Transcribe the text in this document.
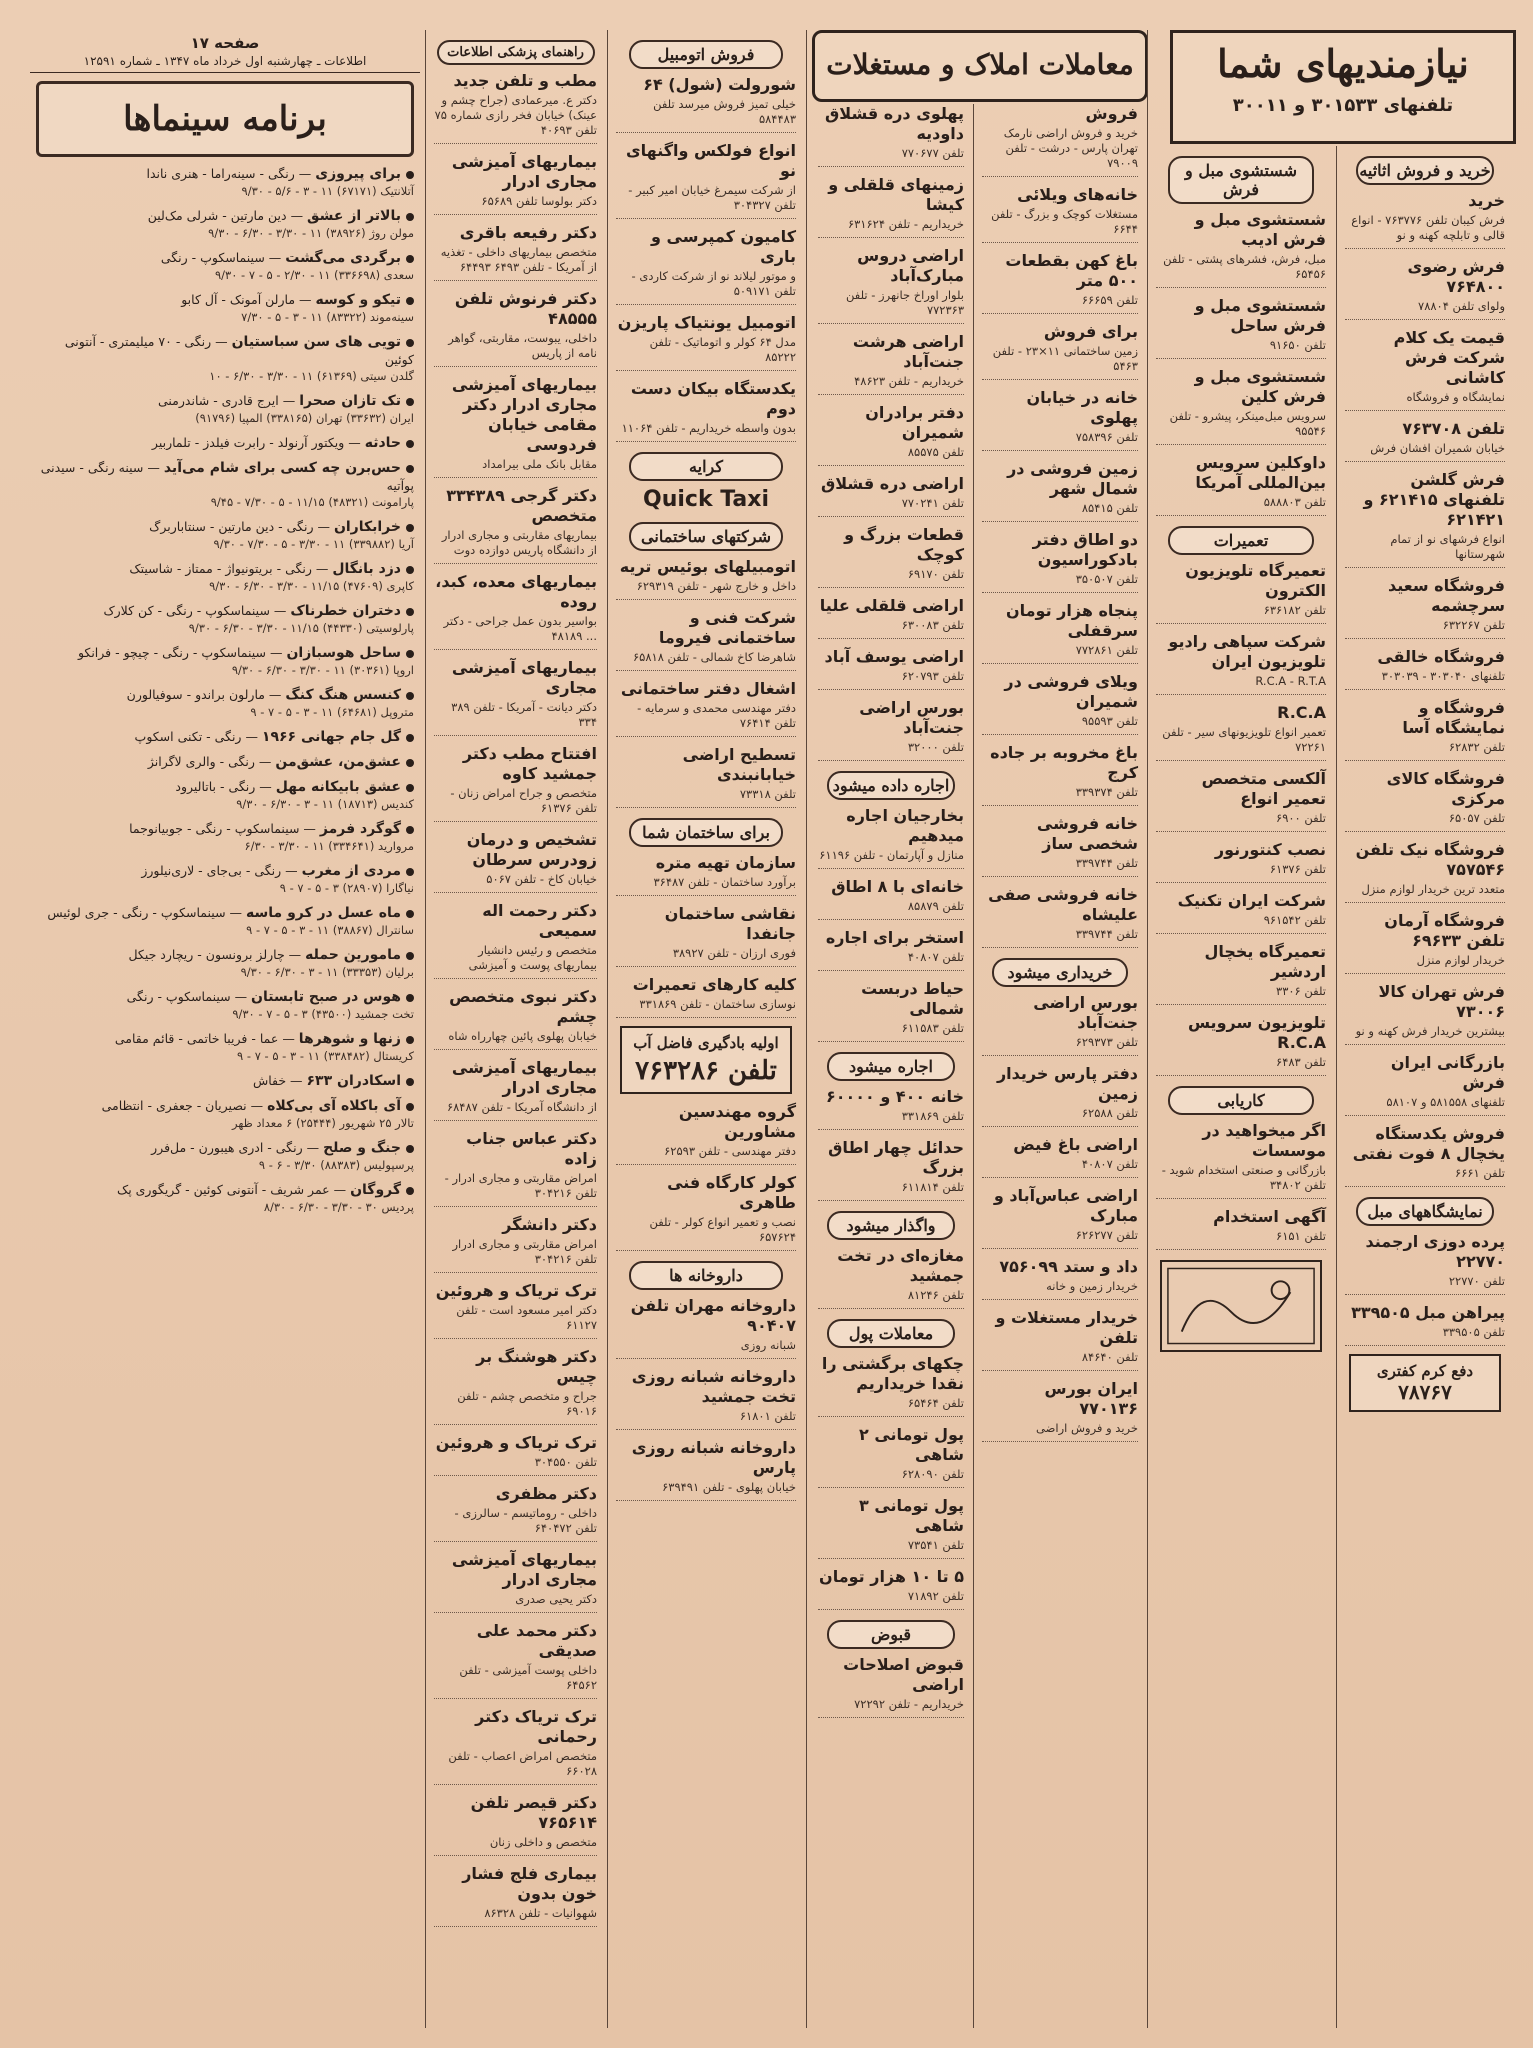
صفحه ۱۷
اطلاعات ـ چهارشنبه اول خرداد ماه ۱۳۴۷ ـ شماره ۱۲۵۹۱
برنامه سینماها
برای پیروزی — رنگی - سینه‌راما - هنری ناندا
آتلانتیک (۶۷۱۷۱) ۱۱ - ۳ - ۵/۶ - ۹/۳۰
بالاتر از عشق — دین مارتین - شرلی مک‌لین
مولن روژ (۳۸۹۲۶) ۱۱ - ۳/۳۰ - ۶/۳۰ - ۹/۳۰
برگردی می‌گشت — سینماسکوپ - رنگی
سعدی (۳۳۶۶۹۸) ۱۱ - ۲/۳۰ - ۵ - ۷ - ۹/۳۰
تیکو و کوسه — مارلن آمونک - آل کابو
سینه‌موند (۸۳۳۲۲) ۱۱ - ۳ - ۵ - ۷/۳۰
تویی های سن سباستیان — رنگی - ۷۰ میلیمتری - آنتونی کوئین
گلدن سیتی (۶۱۳۶۹) ۱۱ - ۳/۳۰ - ۶/۳۰ - ۱۰
تک تازان صحرا — ایرج قادری - شاندرمنی
ایران (۳۳۶۳۲) تهران (۳۳۸۱۶۵) المپیا (۹۱۷۹۶)
حادثه — ویکتور آرنولد - رابرت فیلدز - تلماربیر
حس‌برن چه کسی برای شام می‌آید — سینه رنگی - سیدنی پوآتیه
پارامونت (۴۸۳۲۱) ۱۱/۱۵ - ۵ - ۷/۳۰ - ۹/۴۵
خرابکاران — رنگی - دین مارتین - سنتاباربرگ
آریا (۳۳۹۸۸۲) ۱۱ - ۳/۳۰ - ۵ - ۷/۳۰ - ۹/۳۰
دزد بانگال — رنگی - بریتونیواژ - ممتاز - شاسیتک
کاپری (۴۷۶۰۹) ۱۱/۱۵ - ۳/۳۰ - ۶/۳۰ - ۹/۳۰
دختران خطرناک — سینماسکوپ - رنگی - کن کلارک
پارلوسیتی (۴۴۳۳۰) ۱۱/۱۵ - ۳/۳۰ - ۶/۳۰ - ۹/۳۰
ساحل هوسبازان — سینماسکوپ - رنگی - چیچو - فرانکو
اروپا (۳۰۳۶۱) ۱۱ - ۳/۳۰ - ۶/۳۰ - ۹/۳۰
کنسس هنگ کنگ — مارلون براندو - سوفیالورن
متروپل (۶۴۶۸۱) ۱۱ - ۳ - ۵ - ۷ - ۹
گل جام جهانی ۱۹۶۶ — رنگی - تکنی اسکوپ
عشق‌من، عشق‌من — رنگی - والری لاگرانژ
عشق بابیکانه مهل — رنگی - باتالیرود
کندیس (۱۸۷۱۳) ۱۱ - ۳ - ۶/۳۰ - ۹/۳۰
گوگرد فرمز — سینماسکوپ - رنگی - جوبیانوجما
مروارید (۳۳۴۶۴۱) ۱۱ - ۳/۳۰ - ۶/۳۰
مردی از مغرب — رنگی - بی‌جای - لاری‌نیلورز
نیاگارا (۲۸۹۰۷) ۳ - ۵ - ۷ - ۹
ماه عسل در کرو ماسه — سینماسکوپ - رنگی - جری لوئیس
سانترال (۳۸۸۶۷) ۱۱ - ۳ - ۵ - ۷ - ۹
مامورین حمله — چارلز برونسون - ریچارد جیکل
برلیان (۳۳۳۵۳) ۱۱ - ۳ - ۶/۳۰ - ۹/۳۰
هوس در صبح تابستان — سینماسکوپ - رنگی
تخت جمشید (۴۳۵۰۰) ۳ - ۵ - ۷ - ۹/۳۰
زنها و شوهرها — عما - فریبا خاتمی - قائم مقامی
کریستال (۳۳۸۴۸۲) ۱۱ - ۳ - ۵ - ۷ - ۹
اسکادران ۶۳۳ — خفاش
آی باکلاه آی بی‌کلاه — نصیریان - جعفری - انتظامی
تالار ۲۵ شهریور (۲۵۴۴۴) ۶ معداد ظهر
جنگ و صلح — رنگی - ادری هیبورن - مل‌فرر
پرسپولیس (۸۸۳۸۳) ۳/۳۰ - ۶ - ۹
گروگان — عمر شریف - آنتونی کوئین - گریگوری پک
پردیس ۳۰ - ۳/۳۰ - ۶/۳۰ - ۸/۳۰
راهنمای پزشکی اطلاعات

مطب و تلفن جدید

دکتر ع. میرعمادی (جراح چشم و عینک) خیابان فخر رازی شماره ۷۵ تلفن ۴۰۶۹۳

بیماریهای آمیزشی مجاری ادرار

دکتر بولوسا تلفن ۶۵۶۸۹

دکتر رفیعه باقری

متخصص بیماریهای داخلی - تغذیه از آمریکا - تلفن ۶۴۹۳ ۶۴۴۹۳

دکتر فرنوش تلفن ۴۸۵۵۵

داخلی، یبوست، مقاربتی، گواهر نامه از پاریس

بیماریهای آمیزشی مجاری ادرار دکتر مقامی خیابان فردوسی

مقابل بانک ملی بیرامداد

دکتر گرجی ۳۳۴۳۸۹ متخصص

بیماریهای مقاربتی و مجاری ادرار از دانشگاه پاریس دوازده دوت

بیماریهای معده، کبد، روده

بواسیر بدون عمل جراحی - دکتر ... ۴۸۱۸۹

بیماریهای آمیزشی مجاری

دکتر دیانت - آمریکا - تلفن ۳۸۹ ۳۳۴

افتتاح مطب دکتر جمشید کاوه

متخصص و جراح امراض زنان - تلفن ۶۱۳۷۶

تشخیص و درمان زودرس سرطان

خیابان کاخ - تلفن ۵۰۶۷

دکتر رحمت اله سمیعی

متخصص و رئیس دانشیار بیماریهای پوست و آمیزشی

دکتر نبوی متخصص چشم

خیابان پهلوی پائین چهارراه شاه

بیماریهای آمیزشی مجاری ادرار

از دانشگاه آمریکا - تلفن ۶۸۴۸۷

دکتر عباس جناب زاده

امراض مقاربتی و مجاری ادرار - تلفن ۳۰۴۲۱۶

دکتر دانشگر

امراض مقاربتی و مجاری ادرار تلفن ۳۰۴۲۱۶

ترک تریاک و هروئین

دکتر امیر مسعود است - تلفن ۶۱۱۲۷

دکتر هوشنگ بر چیس

جراح و متخصص چشم - تلفن ۶۹۰۱۶

ترک تریاک و هروئین

تلفن ۳۰۴۵۵۰

دکتر مظفری

داخلی - روماتیسم - سالرزی - تلفن ۶۴۰۴۷۲

بیماریهای آمیزشی مجاری ادرار

دکتر یحیی صدری

دکتر محمد علی صدیقی

داخلی پوست آمیزشی - تلفن ۶۴۵۶۲

ترک تریاک دکتر رحمانی

متخصص امراض اعصاب - تلفن ۶۶۰۲۸

دکتر قیصر تلفن ۷۶۵۶۱۴

متخصص و داخلی زنان

بیماری فلج فشار خون بدون

شهوانیات - تلفن ۸۶۳۲۸

فروش اتومبیل

شورولت (شول) ۶۴

خیلی تمیز فروش میرسد تلفن ۵۸۴۴۸۳

انواع فولکس واگنهای نو

از شرکت سیمرغ خیابان امیر کبیر - تلفن ۳۰۴۳۲۷

کامیون کمپرسی و باری

و موتور لیلاند نو از شرکت کاردی - تلفن ۵۰۹۱۷۱

اتومبیل یونتیاک پاریزن

مدل ۶۴ کولر و اتوماتیک - تلفن ۸۵۲۲۲

یکدستگاه بیکان دست دوم

بدون واسطه خریداریم - تلفن ۱۱۰۶۴

کرایه
Quick Taxi
شرکتهای ساختمانی

اتومبیلهای بوئیس تریه

داخل و خارج شهر - تلفن ۶۲۹۳۱۹

شرکت فنی و ساختمانی فیروما

شاهرضا کاخ شمالی - تلفن ۶۵۸۱۸

اشغال دفتر ساختمانی

دفتر مهندسی محمدی و سرمایه - تلفن ۷۶۴۱۴

تسطیح اراضی خیابانبندی

تلفن ۷۳۳۱۸

برای ساختمان شما

سازمان تهیه متره

برآورد ساختمان - تلفن ۳۶۴۸۷

نقاشی ساختمان جانفدا

فوری ارزان - تلفن ۳۸۹۲۷

کلیه کارهای تعمیرات

نوسازی ساختمان - تلفن ۳۳۱۸۶۹

اولیه بادگیری فاضل آب
تلفن ۷۶۳۲۸۶

گروه مهندسین مشاورین

دفتر مهندسی - تلفن ۶۲۵۹۳

کولر کارگاه فنی طاهری

نصب و تعمیر انواع کولر - تلفن ۶۵۷۶۲۴

داروخانه ها

داروخانه مهران تلفن ۹۰۴۰۷

شبانه روزی

داروخانه شبانه روزی تخت جمشید

تلفن ۶۱۸۰۱

داروخانه شبانه روزی پارس

خیابان پهلوی - تلفن ۶۳۹۴۹۱

معاملات املاک و مستغلات

پهلوی دره قشلاق داودیه

تلفن ۷۷۰۶۷۷

زمینهای قلقلی و کیشا

خریداریم - تلفن ۶۳۱۶۲۴

اراضی دروس مبارک‌آباد

بلوار اوراخ جانهرز - تلفن ۷۷۲۳۶۳

اراضی هرشت جنت‌آباد

خریداریم - تلفن ۴۸۶۲۳

دفتر برادران شمیران

تلفن ۸۵۵۷۵

اراضی دره قشلاق

تلفن ۷۷۰۲۴۱

قطعات بزرگ و کوچک

تلفن ۶۹۱۷۰

اراضی قلقلی علیا

تلفن ۶۳۰۰۸۳

اراضی یوسف آباد

تلفن ۶۲۰۷۹۳

بورس اراضی جنت‌آباد

تلفن ۳۲۰۰۰

اجاره داده میشود

بخارجیان اجاره میدهیم

منازل و آپارتمان - تلفن ۶۱۱۹۶

خانه‌ای با ۸ اطاق

تلفن ۸۵۸۷۹

استخر برای اجاره

تلفن ۴۰۸۰۷

حیاط دربست شمالی

تلفن ۶۱۱۵۸۳

اجاره میشود

خانه ۴۰۰ و ۶۰۰۰۰

تلفن ۳۳۱۸۶۹

حدائل چهار اطاق بزرگ

تلفن ۶۱۱۸۱۴

واگذار میشود

مغازه‌ای در تخت جمشید

تلفن ۸۱۲۴۶

معاملات پول

چکهای برگشتی را نقدا خریداریم

تلفن ۶۵۴۶۴

پول تومانی ۲ شاهی

تلفن ۶۲۸۰۹۰

پول تومانی ۳ شاهی

تلفن ۷۳۵۴۱

۵ تا ۱۰ هزار تومان

تلفن ۷۱۸۹۲

قبوض

قبوض اصلاحات اراضی

خریداریم - تلفن ۷۲۲۹۲

فروش

خرید و فروش اراضی نارمک تهران پارس - درشت - تلفن ۷۹۰۰۹

خانه‌های ویلائی

مستغلات کوچک و بزرگ - تلفن ۶۶۴۴

باغ کهن بقطعات ۵۰۰ متر

تلفن ۶۶۶۵۹

برای فروش

زمین ساختمانی ۱۱×۲۳ - تلفن ۵۴۶۳

خانه در خیابان پهلوی

تلفن ۷۵۸۳۹۶

زمین فروشی در شمال شهر

تلفن ۸۵۴۱۵

دو اطاق دفتر بادکوراسیون

تلفن ۳۵۰۵۰۷

پنجاه هزار تومان سرقفلی

تلفن ۷۷۲۸۶۱

ویلای فروشی در شمیران

تلفن ۹۵۵۹۳

باغ مخروبه بر جاده کرج

تلفن ۳۳۹۳۷۴

خانه فروشی شخصی ساز

تلفن ۳۳۹۷۴۴

خانه فروشی صفی علیشاه

تلفن ۳۳۹۷۴۴

خریداری میشود

بورس اراضی جنت‌آباد

تلفن ۶۲۹۳۷۳

دفتر پارس خریدار زمین

تلفن ۶۲۵۸۸

اراضی باغ فیض

تلفن ۴۰۸۰۷

اراضی عباس‌آباد و مبارک

تلفن ۶۲۶۲۷۷

داد و ستد ۷۵۶۰۹۹

خریدار زمین و خانه

خریدار مستغلات و تلفن

تلفن ۸۴۶۴۰

ایران بورس ۷۷۰۱۳۶

خرید و فروش اراضی

نیازمندیهای شما
تلفنهای ۳۰۱۵۳۳ و ۳۰۰۱۱
شستشوی مبل و فرش

شستشوی مبل و فرش ادیب

مبل، فرش، فشرهای پشتی - تلفن ۶۵۴۵۶

شستشوی مبل و فرش ساحل

تلفن ۹۱۶۵۰

شستشوی مبل و فرش کلین

سرویس مبل‌مینکر، پیشرو - تلفن ۹۵۵۴۶

داوکلین سرویس بین‌المللی آمریکا

تلفن ۵۸۸۸۰۳

تعمیرات

تعمیرگاه تلویزیون الکترون

تلفن ۶۳۶۱۸۲

شرکت سپاهی رادیو تلویزیون ایران

R.C.A - R.T.A

R.C.A

تعمیر انواع تلویزیونهای سیر - تلفن ۷۲۲۶۱

آلکسی متخصص تعمیر انواع

تلفن ۶۹۰۰

نصب کنتورنور

تلفن ۶۱۳۷۶

شرکت ایران تکنیک

تلفن ۹۶۱۵۴۲

تعمیرگاه یخچال اردشیر

تلفن ۳۳۰۶

تلویزیون سرویس R.C.A

تلفن ۶۴۸۳

کاریابی

اگر میخواهید در موسسات

بازرگانی و صنعتی استخدام شوید - تلفن ۳۴۸۰۲

آگهی استخدام

تلفن ۶۱۵۱

خرید و فروش اثاثیه

خرید

فرش کیبان تلفن ۷۶۳۷۷۶ - انواع قالی و تابلچه کهنه و نو

فرش رضوی ۷۶۴۸۰۰

ولوای تلفن ۷۸۸۰۴

قیمت یک کلام شرکت فرش کاشانی

نمایشگاه و فروشگاه

تلفن ۷۶۳۷۰۸

خیابان شمیران افشان فرش

فرش گلشن تلفنهای ۶۲۱۴۱۵ و ۶۲۱۴۲۱

انواع فرشهای نو از تمام شهرستانها

فروشگاه سعید سرچشمه

تلفن ۶۳۲۲۶۷

فروشگاه خالقی

تلفنهای ۳۰۳۰۴۰ - ۳۰۳۰۳۹

فروشگاه و نمایشگاه آسا

تلفن ۶۲۸۳۲

فروشگاه کالای مرکزی

تلفن ۶۵۰۵۷

فروشگاه نیک تلفن ۷۵۷۵۴۶

متعدد ترین خریدار لوازم منزل

فروشگاه آرمان تلفن ۶۹۶۳۳

خریدار لوازم منزل

فرش تهران کالا ۷۳۰۰۶

بیشترین خریدار فرش کهنه و نو

بازرگانی ایران فرش

تلفنهای ۵۸۱۵۵۸ و ۵۸۱۰۷

فروش یکدستگاه یخچال ۸ فوت نفتی

تلفن ۶۶۶۱

نمایشگاههای مبل

پرده دوزی ارجمند ۲۲۷۷۰

تلفن ۲۲۷۷۰

پیراهن مبل ۳۳۹۵۰۵

تلفن ۳۳۹۵۰۵

دفع کرم کفتری
۷۸۷۶۷
